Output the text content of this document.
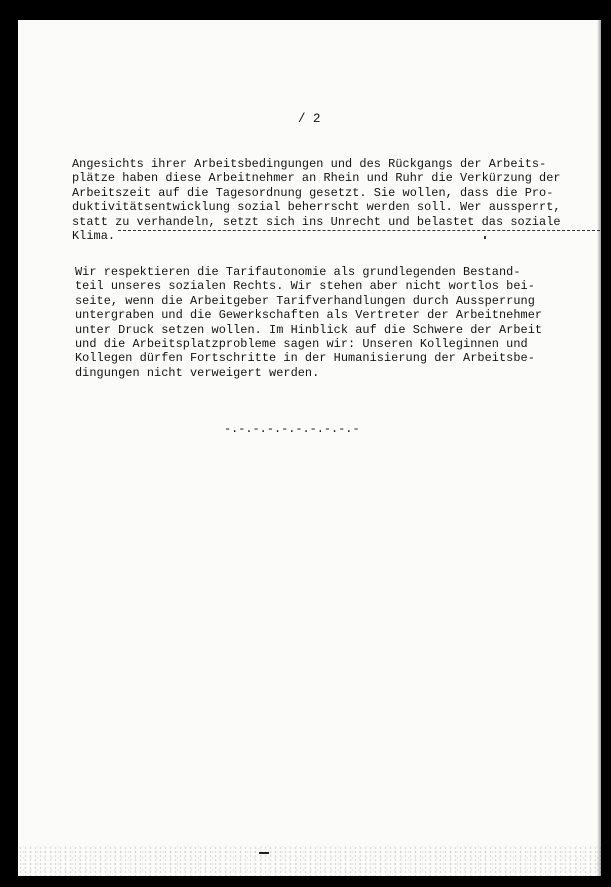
/ 2
Angesichts ihrer Arbeitsbedingungen und des Rückgangs der Arbeits-
plätze haben diese Arbeitnehmer an Rhein und Ruhr die Verkürzung der
Arbeitszeit auf die Tagesordnung gesetzt. Sie wollen, dass die Pro-
duktivitätsentwicklung sozial beherrscht werden soll. Wer aussperrt,
statt zu verhandeln, setzt sich ins Unrecht und belastet das soziale
Klima.
Wir respektieren die Tarifautonomie als grundlegenden Bestand-
teil unseres sozialen Rechts. Wir stehen aber nicht wortlos bei-
seite, wenn die Arbeitgeber Tarifverhandlungen durch Aussperrung
untergraben und die Gewerkschaften als Vertreter der Arbeitnehmer
unter Druck setzen wollen. Im Hinblick auf die Schwere der Arbeit
und die Arbeitsplatzprobleme sagen wir: Unseren Kolleginnen und
Kollegen dürfen Fortschritte in der Humanisierung der Arbeitsbe-
dingungen nicht verweigert werden.
-.-.-.-.-.-.-.-.-.-
